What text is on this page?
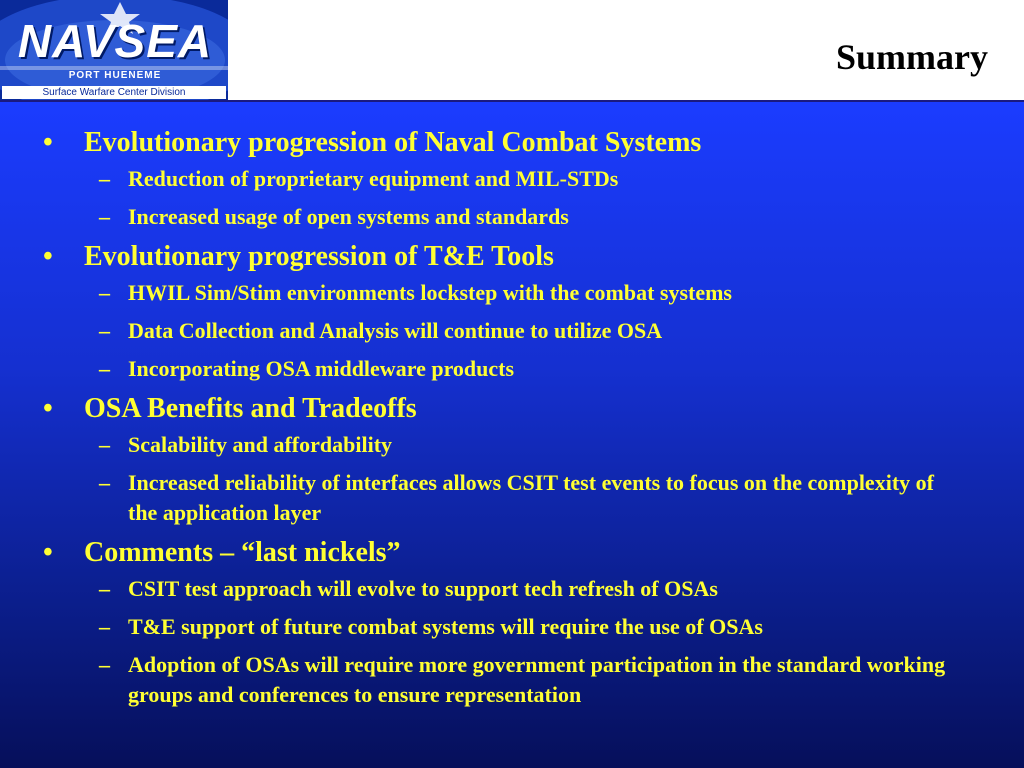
NAVSEA
PORT HUENEME
Surface Warfare Center Division
Summary
• Evolutionary progression of Naval Combat Systems
– Reduction of proprietary equipment and MIL-STDs
– Increased usage of open systems and standards
• Evolutionary progression of T&E Tools
– HWIL Sim/Stim environments lockstep with the combat systems
– Data Collection and Analysis will continue to utilize OSA
– Incorporating OSA middleware products
• OSA Benefits and Tradeoffs
– Scalability and affordability
– Increased reliability of interfaces allows CSIT test events to focus on the complexity of the application layer
• Comments – “last nickels”
– CSIT test approach will evolve to support tech refresh of OSAs
– T&E support of future combat systems will require the use of OSAs
– Adoption of OSAs will require more government participation in the standard working groups and conferences to ensure representation
